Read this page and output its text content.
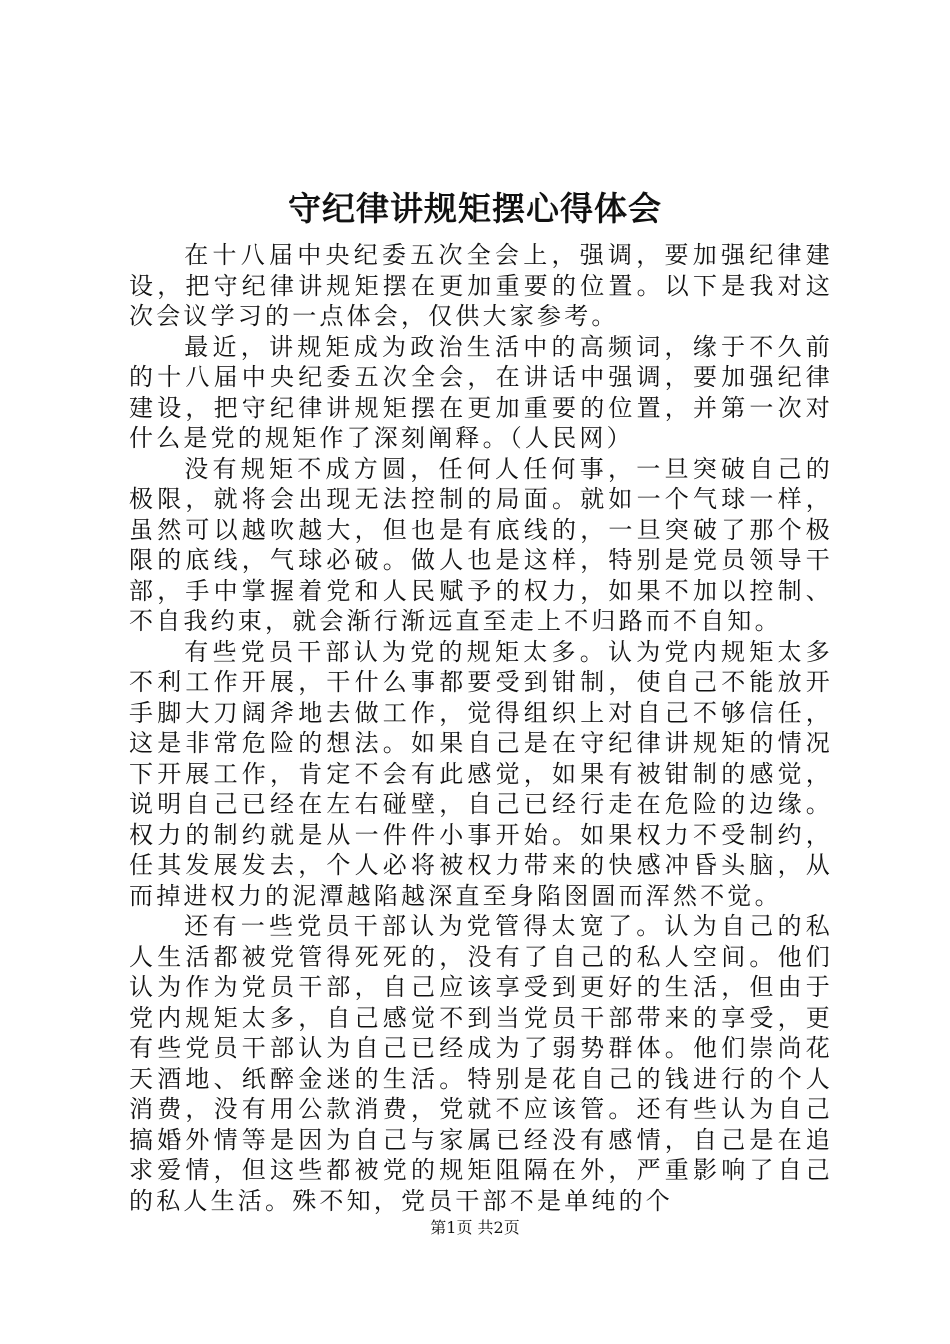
守纪律讲规矩摆心得体会

在十八届中央纪委五次全会上，强调，要加强纪律建设，把守纪律讲规矩摆在更加重要的位置。以下是我对这次会议学习的一点体会，仅供大家参考。

最近，讲规矩成为政治生活中的高频词，缘于不久前的十八届中央纪委五次全会，在讲话中强调，要加强纪律建设，把守纪律讲规矩摆在更加重要的位置，并第一次对什么是党的规矩作了深刻阐释。（人民网）

没有规矩不成方圆，任何人任何事，一旦突破自己的极限，就将会出现无法控制的局面。就如一个气球一样，虽然可以越吹越大，但也是有底线的，一旦突破了那个极限的底线，气球必破。做人也是这样，特别是党员领导干部，手中掌握着党和人民赋予的权力，如果不加以控制、不自我约束，就会渐行渐远直至走上不归路而不自知。

有些党员干部认为党的规矩太多。认为党内规矩太多不利工作开展，干什么事都要受到钳制，使自己不能放开手脚大刀阔斧地去做工作，觉得组织上对自己不够信任，这是非常危险的想法。如果自己是在守纪律讲规矩的情况下开展工作，肯定不会有此感觉，如果有被钳制的感觉，说明自己已经在左右碰壁，自己已经行走在危险的边缘。权力的制约就是从一件件小事开始。如果权力不受制约，任其发展发去，个人必将被权力带来的快感冲昏头脑，从而掉进权力的泥潭越陷越深直至身陷囹圄而浑然不觉。

还有一些党员干部认为党管得太宽了。认为自己的私人生活都被党管得死死的，没有了自己的私人空间。他们认为作为党员干部，自己应该享受到更好的生活，但由于党内规矩太多，自己感觉不到当党员干部带来的享受，更有些党员干部认为自己已经成为了弱势群体。他们崇尚花天酒地、纸醉金迷的生活。特别是花自己的钱进行的个人消费，没有用公款消费，党就不应该管。还有些认为自己搞婚外情等是因为自己与家属已经没有感情，自己是在追求爱情，但这些都被党的规矩阻隔在外，严重影响了自己的私人生活。殊不知，党员干部不是单纯的个

第1页 共2页
